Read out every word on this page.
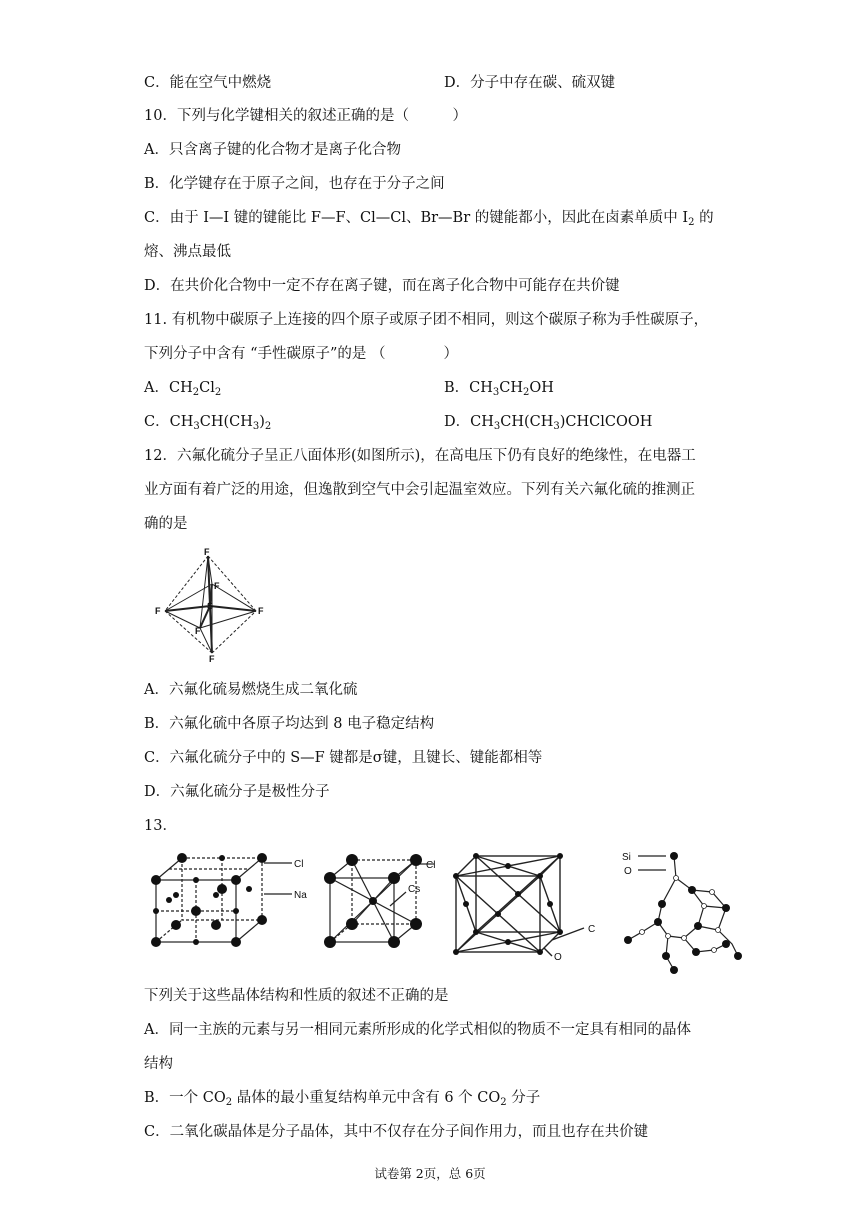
C．能在空气中燃烧	D．分子中存在碳、硫双键
10．下列与化学键相关的叙述正确的是（　　　）
A．只含离子键的化合物才是离子化合物
B．化学键存在于原子之间，也存在于分子之间
C．由于 I—I 键的键能比 F—F、Cl—Cl、Br—Br 的键能都小，因此在卤素单质中 $I_2$ 的
熔、沸点最低
D．在共价化合物中一定不存在离子键，而在离子化合物中可能存在共价键
11. 有机物中碳原子上连接的四个原子或原子团不相同，则这个碳原子称为手性碳原子，
下列分子中含有 “手性碳原子”的是 （　　　　）
A．$CH_2Cl_2$	B．$CH_3CH_2OH$
C．$CH_3CH(CH_3)_2$	D．$CH_3CH(CH_3)CHClCOOH$
12．六氟化硫分子呈正八面体形(如图所示)，在高电压下仍有良好的绝缘性，在电器工
业方面有着广泛的用途，但逸散到空气中会引起温室效应。下列有关六氟化硫的推测正
确的是
F
F
F	F
F
F
S
A．六氟化硫易燃烧生成二氧化硫
B．六氟化硫中各原子均达到 8 电子稳定结构
C．六氟化硫分子中的 S—F 键都是σ键，且键长、键能都相等
D．六氟化硫分子是极性分子
13．
Cl
Na
Cl
Cs
C
O
Si
O
下列关于这些晶体结构和性质的叙述不正确的是
A．同一主族的元素与另一相同元素所形成的化学式相似的物质不一定具有相同的晶体
结构
B．一个 $CO_2$ 晶体的最小重复结构单元中含有 6 个 $CO_2$ 分子
C．二氧化碳晶体是分子晶体，其中不仅存在分子间作用力，而且也存在共价键
试卷第 2页，总 6页
